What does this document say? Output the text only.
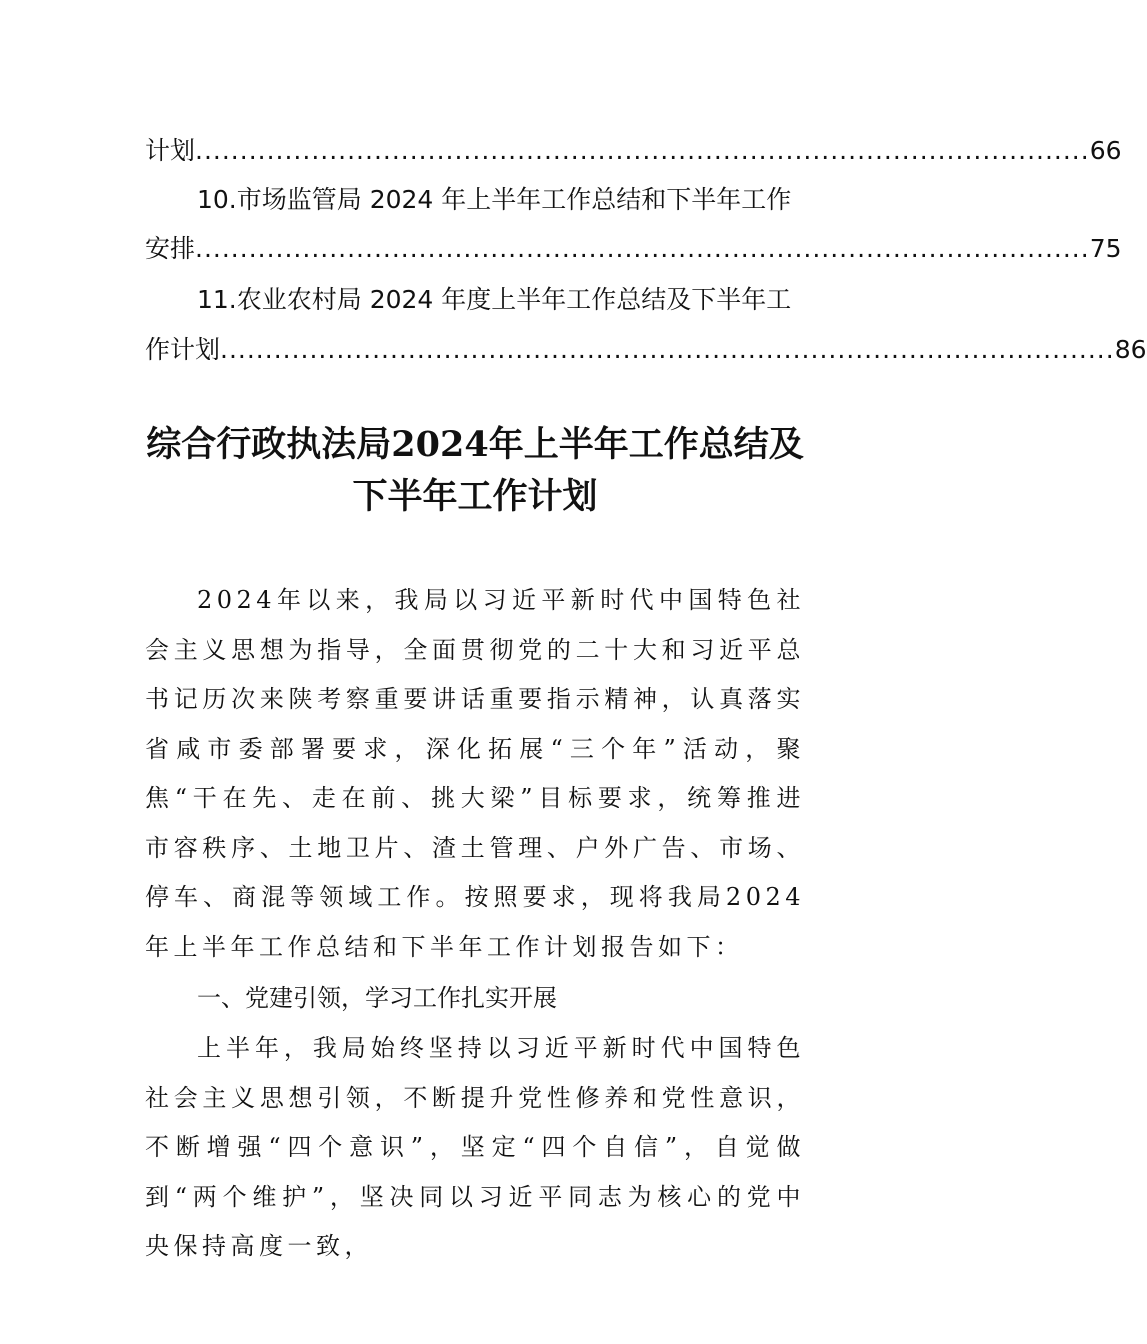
计划 .................................................................................................... 66
10.市场监管局 2024 年上半年工作总结和下半年工作
安排 .................................................................................................... 75
11.农业农村局 2024 年度上半年工作总结及下半年工
作计划 .................................................................................................... 86
综合行政执法局2024年上半年工作总结及
下半年工作计划
2024年以来，我局以习近平新时代中国特色社会主义思想为指导，全面贯彻党的二十大和习近平总书记历次来陕考察重要讲话重要指示精神，认真落实省咸市委部署要求，深化拓展“三个年”活动，聚焦“干在先、走在前、挑大梁”目标要求，统筹推进市容秩序、土地卫片、渣土管理、户外广告、市场、停车、商混等领域工作。按照要求，现将我局2024年上半年工作总结和下半年工作计划报告如下：
一、党建引领，学习工作扎实开展
上半年，我局始终坚持以习近平新时代中国特色社会主义思想引领，不断提升党性修养和党性意识，不断增强“四个意识”，坚定“四个自信”，自觉做到“两个维护”，坚决同以习近平同志为核心的党中央保持高度一致，
